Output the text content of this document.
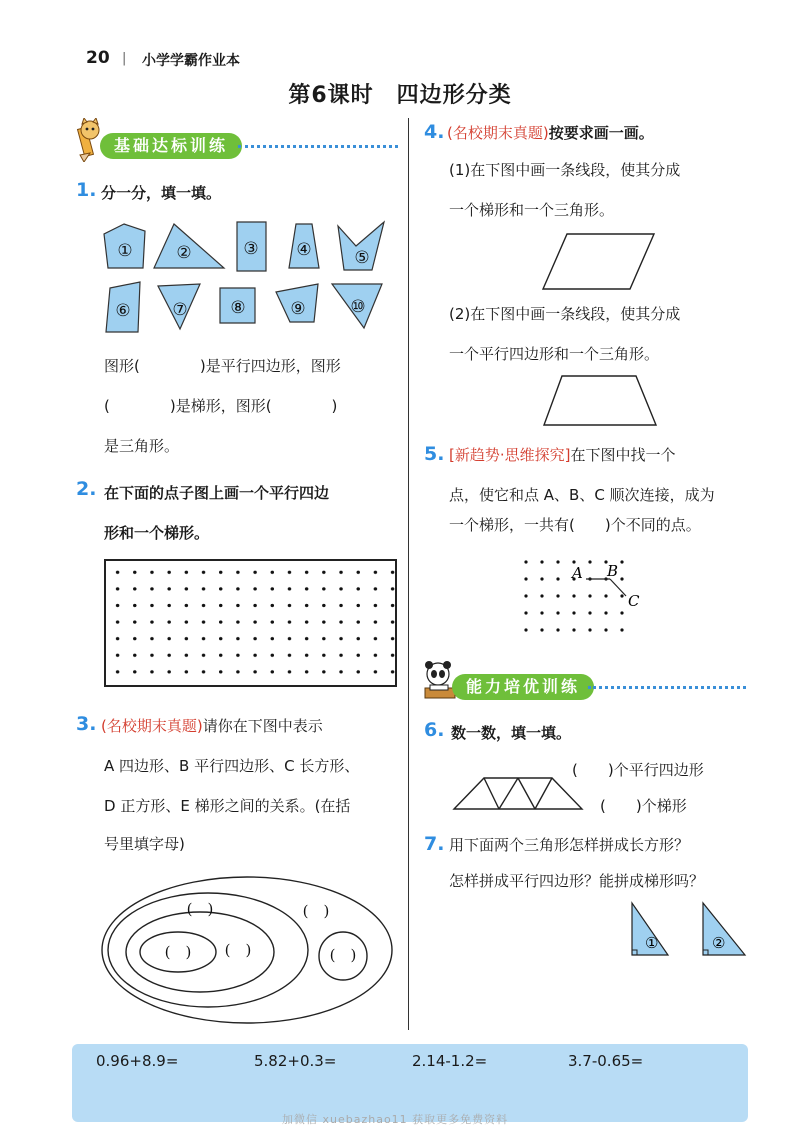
20 | 小学学霸作业本
第6课时　四边形分类
基础达标训练
1. 分一分，填一填。
①	②	③ ④	⑤
⑥ ⑦	⑧	⑨	⑩
图形(　　　　)是平行四边形，图形
(　　　　)是梯形，图形(　　　　)
是三角形。
2. 在下面的点子图上画一个平行四边
形和一个梯形。
3. (名校期末真题)请你在下图中表示
A 四边形、B 平行四边形、C 长方形、
D 正方形、E 梯形之间的关系。(在括
号里填字母)
(　)	(　)
(　) (　)	(　)
4. (名校期末真题)按要求画一画。
(1)在下图中画一条线段，使其分成
一个梯形和一个三角形。
(2)在下图中画一条线段，使其分成
一个平行四边形和一个三角形。
5. [新趋势·思维探究]在下图中找一个
点，使它和点 A、B、C 顺次连接，成为
一个梯形，一共有(　　)个不同的点。
A B
C
能力培优训练
6. 数一数，填一填。
(　　)个平行四边形
(　　)个梯形
7. 用下面两个三角形怎样拼成长方形？
怎样拼成平行四边形？能拼成梯形吗？
①	②
0.96+8.9=	5.82+0.3=	2.14-1.2=	3.7-0.65=
加微信 xuebazhao11 获取更多免费资料
